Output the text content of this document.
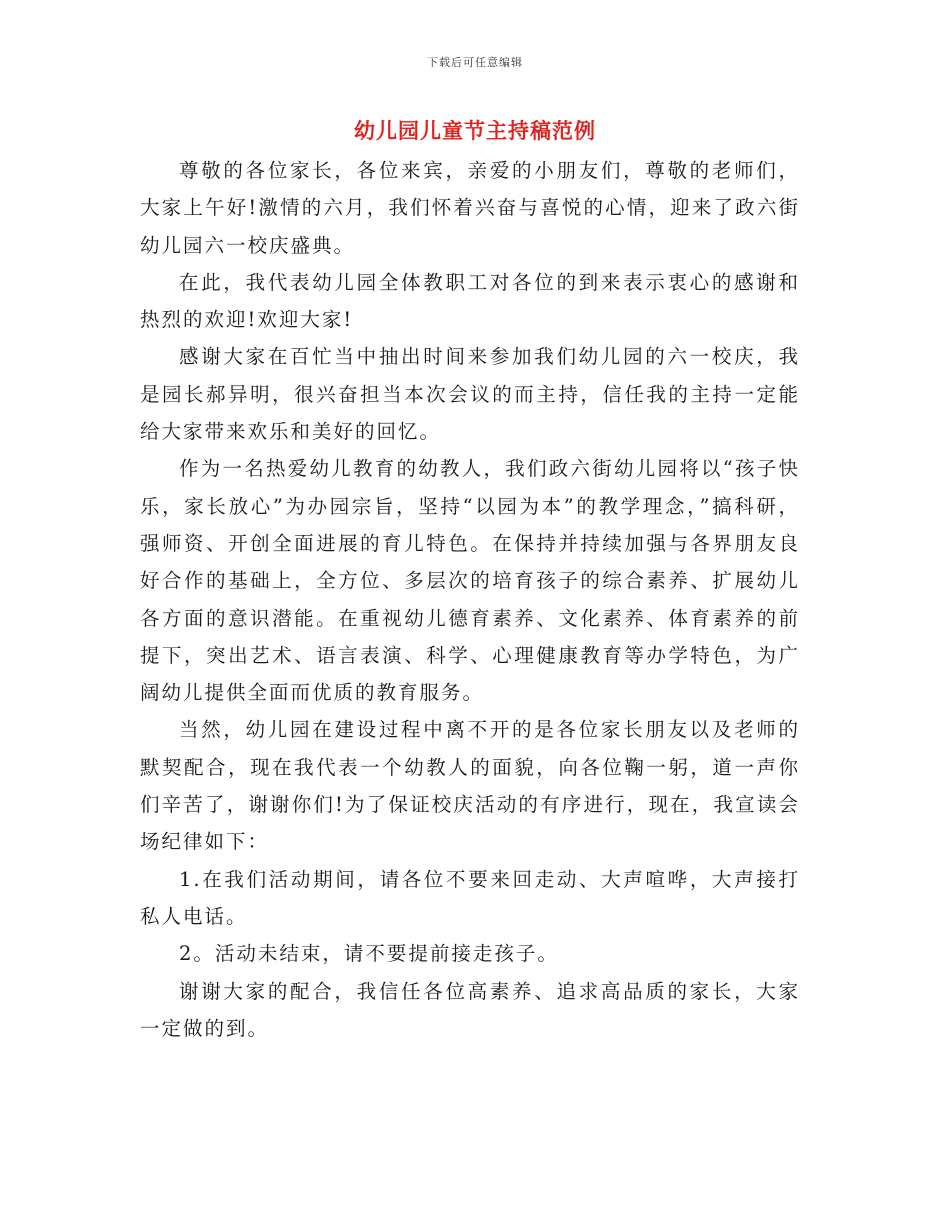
下载后可任意编辑
幼儿园儿童节主持稿范例

尊敬的各位家长，各位来宾，亲爱的小朋友们，尊敬的老师们，大家上午好!激情的六月，我们怀着兴奋与喜悦的心情，迎来了政六街幼儿园六一校庆盛典。

在此，我代表幼儿园全体教职工对各位的到来表示衷心的感谢和热烈的欢迎!欢迎大家!

感谢大家在百忙当中抽出时间来参加我们幼儿园的六一校庆，我是园长郝异明，很兴奋担当本次会议的而主持，信任我的主持一定能给大家带来欢乐和美好的回忆。

作为一名热爱幼儿教育的幼教人，我们政六街幼儿园将以“孩子快乐，家长放心”为办园宗旨，坚持“以园为本”的教学理念，”搞科研，强师资、开创全面进展的育儿特色。在保持并持续加强与各界朋友良好合作的基础上，全方位、多层次的培育孩子的综合素养、扩展幼儿各方面的意识潜能。在重视幼儿德育素养、文化素养、体育素养的前提下，突出艺术、语言表演、科学、心理健康教育等办学特色，为广阔幼儿提供全面而优质的教育服务。

当然，幼儿园在建设过程中离不开的是各位家长朋友以及老师的默契配合，现在我代表一个幼教人的面貌，向各位鞠一躬，道一声你们辛苦了，谢谢你们!为了保证校庆活动的有序进行，现在，我宣读会场纪律如下：

1.在我们活动期间，请各位不要来回走动、大声喧哗，大声接打私人电话。

2。活动未结束，请不要提前接走孩子。

谢谢大家的配合，我信任各位高素养、追求高品质的家长，大家一定做的到。
